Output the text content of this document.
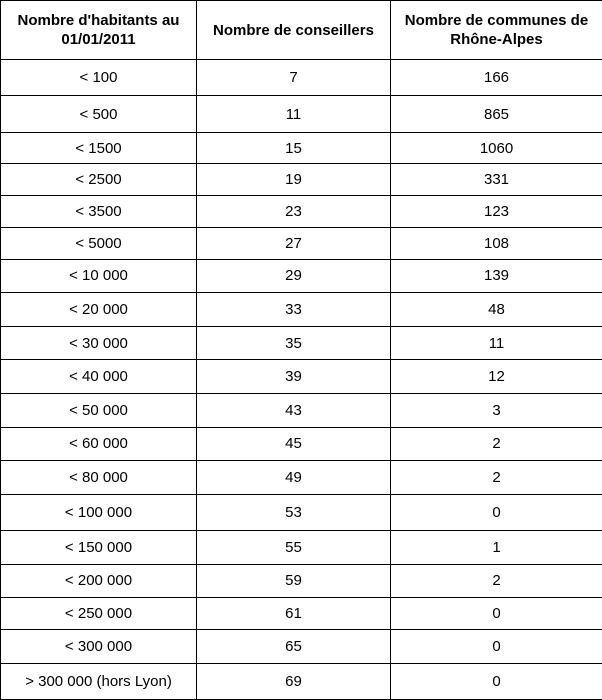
Nombre d'habitants au 01/01/2011	Nombre de conseillers	Nombre de communes de Rhône-Alpes
< 100	7	166
< 500	11	865
< 1500	15	1060
< 2500	19	331
< 3500	23	123
< 5000	27	108
< 10 000	29	139
< 20 000	33	48
< 30 000	35	11
< 40 000	39	12
< 50 000	43	3
< 60 000	45	2
< 80 000	49	2
< 100 000	53	0
< 150 000	55	1
< 200 000	59	2
< 250 000	61	0
< 300 000	65	0
> 300 000 (hors Lyon)	69	0
